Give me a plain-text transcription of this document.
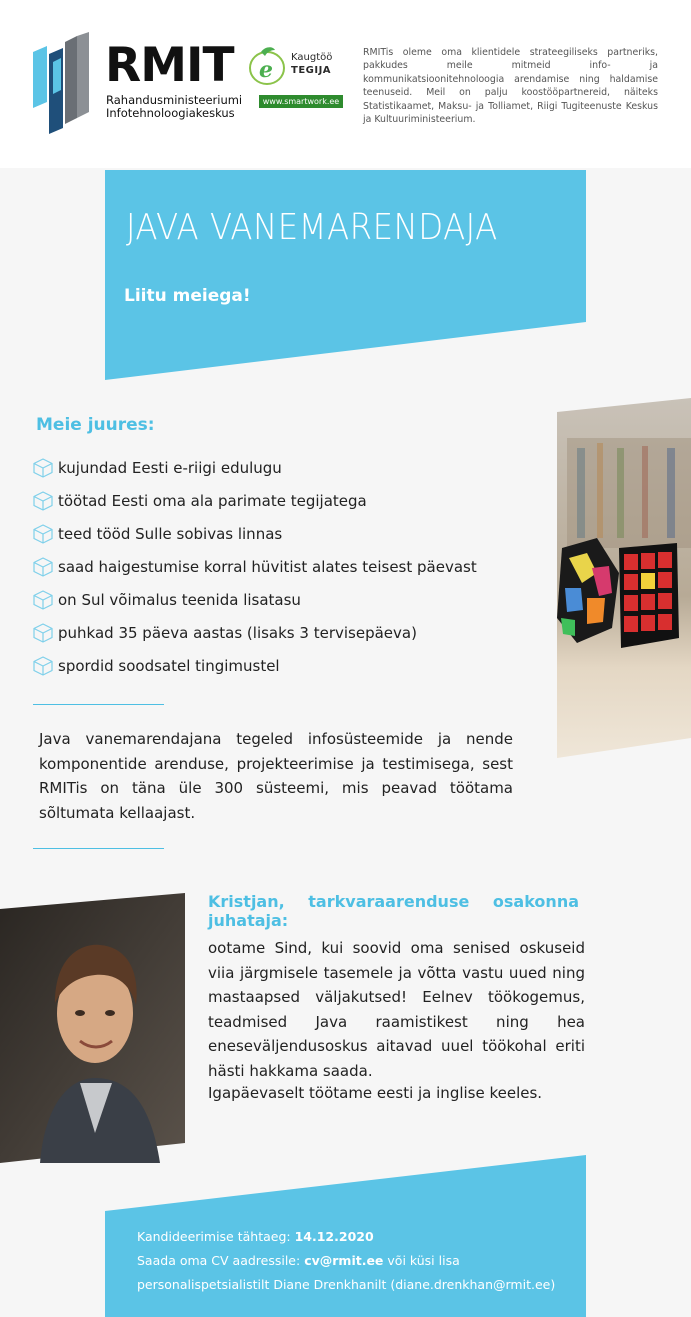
RMIT
Rahandusministeeriumi
Infotehnoloogiakeskus
e Kaugtöö
TEGIJA
www.smartwork.ee
RMITis oleme oma klientidele strateegiliseks partneriks, pakkudes meile mitmeid info- ja kommunikatsioonitehnoloogia arendamise ning haldamise teenuseid. Meil on palju koostööpartnereid, näiteks Statistikaamet, Maksu- ja Tolliamet, Riigi Tugiteenuste Keskus ja Kultuuriministeerium.
JAVA VANEMARENDAJA
Liitu meiega!
Meie juures:
kujundad Eesti e-riigi edulugu
töötad Eesti oma ala parimate tegijatega
teed tööd Sulle sobivas linnas
saad haigestumise korral hüvitist alates teisest päevast
on Sul võimalus teenida lisatasu
puhkad 35 päeva aastas (lisaks 3 tervisepäeva)
spordid soodsatel tingimustel
Java vanemarendajana tegeled infosüsteemide ja nende komponentide arenduse, projekteerimise ja testimisega, sest RMITis on täna üle 300 süsteemi, mis peavad töötama sõltumata kellaajast.
Kristjan, tarkvaraarenduse osakonna
juhataja:
ootame Sind, kui soovid oma senised oskuseid viia järgmisele tasemele ja võtta vastu uued ning mastaapsed väljakutsed! Eelnev töökogemus, teadmised Java raamistikest ning hea eneseväljendusoskus aitavad uuel töökohal eriti hästi hakkama saada.
Igapäevaselt töötame eesti ja inglise keeles.
Kandideerimise tähtaeg: 14.12.2020
Saada oma CV aadressile: cv@rmit.ee või küsi lisa
personalispetsialistilt Diane Drenkhanilt (diane.drenkhan@rmit.ee)
